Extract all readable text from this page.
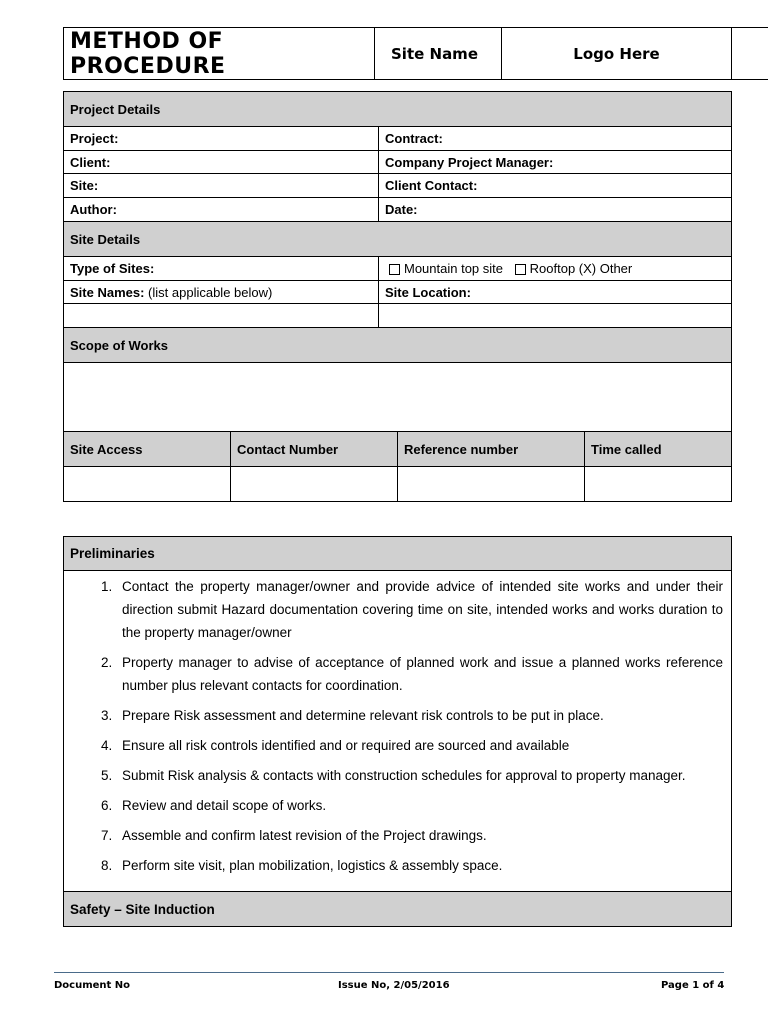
METHOD OF PROCEDURE	Site Name	Logo Here
Project Details				
Project:		Contract:		
Client:		Company Project Manager:		
Site:		Client Contact:		
Author:		Date:		
Site Details				
Type of Sites:		Mountain top site Rooftop (X) Other		
Site Names: (list applicable below)		Site Location:		

Scope of Works				

Site Access	Contact Number		Reference number	Time called

Preliminaries

1. Contact the property manager/owner and provide advice of intended site works and under their direction submit Hazard documentation covering time on site, intended works and works duration to the property manager/owner
2. Property manager to advise of acceptance of planned work and issue a planned works reference number plus relevant contacts for coordination.
3. Prepare Risk assessment and determine relevant risk controls to be put in place.
4. Ensure all risk controls identified and or required are sourced and available
5. Submit Risk analysis & contacts with construction schedules for approval to property manager.
6. Review and detail scope of works.
7. Assemble and confirm latest revision of the Project drawings.
8. Perform site visit, plan mobilization, logistics & assembly space.

Safety – Site Induction
Document No	Issue No, 2/05/2016	Page 1 of 4
